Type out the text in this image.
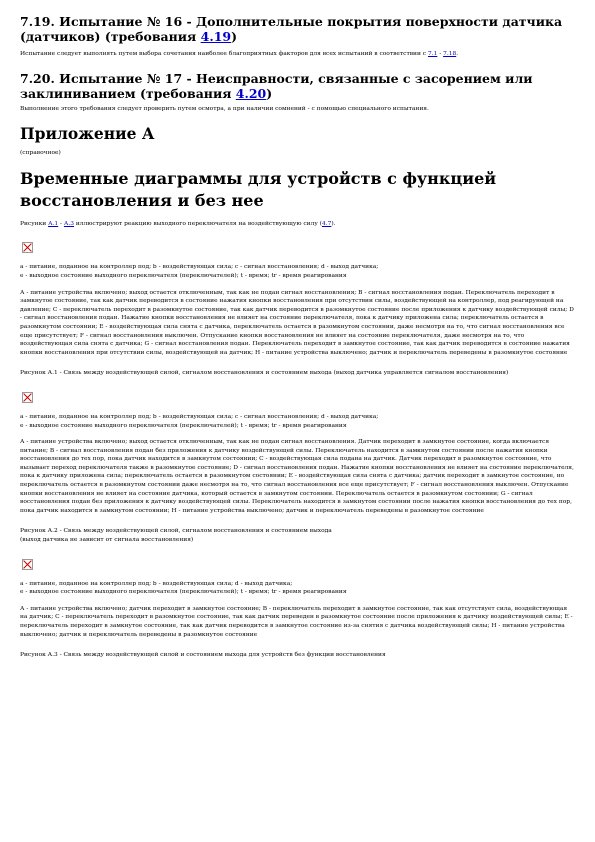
7.19. Испытание № 16 - Дополнительные покрытия поверхности датчика (датчиков) (требования 4.19)

Испытание следует выполнять путем выбора сочетания наиболее благоприятных факторов для всех испытаний в соответствии с 7.1 - 7.18.

7.20. Испытание № 17 - Неисправности, связанные с засорением или заклиниванием (требования 4.20)

Выполнение этого требования следует проверить путем осмотра, а при наличии сомнений - с помощью специального испытания.

Приложение А

(справочное)

Временные диаграммы для устройств с функцией восстановления и без нее

Рисунки А.1 - А.3 иллюстрируют реакцию выходного переключателя на воздействующую силу (4.7).

а - питание, поданное на контроллер под; b - воздействующая сила; c - сигнал восстановления; d - выход датчика;

e - выходное состояние выходного переключателя (переключателей); t - время; tr - время реагирования

А - питание устройства включено; выход остается отключенным, так как не подан сигнал восстановления; В - сигнал восстановления подан. Переключатель переходит в замкнутое состояние, так как датчик переводится в состояние нажатия кнопки восстановления при отсутствии силы, воздействующей на контроллер, под реагирующей на давление; С - переключатель переходит в разомкнутое состояние, так как датчик переводится в разомкнутое состояние после приложения к датчику воздействующей силы; D - сигнал восстановления подан. Нажатие кнопки восстановления не влияет на состояние переключателя, пока к датчику приложена сила; переключатель остается в разомкнутом состоянии; Е - воздействующая сила снята с датчика, переключатель остается в разомкнутом состоянии, даже несмотря на то, что сигнал восстановления все еще присутствует; F - сигнал восстановления выключен. Отпускание кнопки восстановления не влияет на состояние переключателя, даже несмотря на то, что воздействующая сила снята с датчика; G - сигнал восстановления подан. Переключатель переходит в замкнутое состояние, так как датчик переводится в состояние нажатия кнопки восстановления при отсутствии силы, воздействующей на датчик; Н - питание устройства выключено; датчик и переключатель переведены в разомкнутое состояние

Рисунок А.1 - Связь между воздействующей силой, сигналом восстановления и состоянием выхода (выход датчика управляется сигналом восстановления)

а - питание, поданное на контроллер под; b - воздействующая сила; c - сигнал восстановления; d - выход датчика;

e - выходное состояние выходного переключателя (переключателей); t - время; tr - время реагирования

А - питание устройства включено; выход остается отключенным, так как не подан сигнал восстановления. Датчик переходит в замкнутое состояние, когда включается питание; В - сигнал восстановления подан без приложения к датчику воздействующей силы. Переключатель находится в замкнутом состоянии после нажатия кнопки восстановления до тех пор, пока датчик находится в замкнутом состоянии; С - воздействующая сила подана на датчик. Датчик переходит в разомкнутое состояние, что вызывает переход переключателя также в разомкнутое состояние; D - сигнал восстановления подан. Нажатие кнопки восстановления не влияет на состояние переключателя, пока к датчику приложена сила; переключатель остается в разомкнутом состоянии; Е - воздействующая сила снята с датчика; датчик переходит в замкнутое состояние, но переключатель остается в разомкнутом состоянии даже несмотря на то, что сигнал восстановления все еще присутствует; F - сигнал восстановления выключен. Отпускание кнопки восстановления не влияет на состояние датчика, который остается в замкнутом состоянии. Переключатель остается в разомкнутом состоянии; G - сигнал восстановления подан без приложения к датчику воздействующей силы. Переключатель находится в замкнутом состоянии после нажатия кнопки восстановления до тех пор, пока датчик находится в замкнутом состоянии; Н - питание устройства выключено; датчик и переключатель переведены в разомкнутое состояние

Рисунок А.2 - Связь между воздействующей силой, сигналом восстановления и состоянием выхода

(выход датчика не зависит от сигнала восстановления)

а - питание, поданное на контроллер под; b - воздействующая сила; d - выход датчика;

e - выходное состояние выходного переключателя (переключателей); t - время; tr - время реагирования

А - питание устройства включено; датчик переходит в замкнутое состояние; В - переключатель переходит в замкнутое состояние, так как отсутствует сила, воздействующая на датчик; С - переключатель переходит в разомкнутое состояние, так как датчик переведен в разомкнутое состояние после приложения к датчику воздействующей силы; Е - переключатель переходит в замкнутое состояние, так как датчик переводится в замкнутое состояние из-за снятия с датчика воздействующей силы; Н - питание устройства выключено; датчик и переключатель переведены в разомкнутое состояние

Рисунок А.3 - Связь между воздействующей силой и состоянием выхода для устройств без функции восстановления
